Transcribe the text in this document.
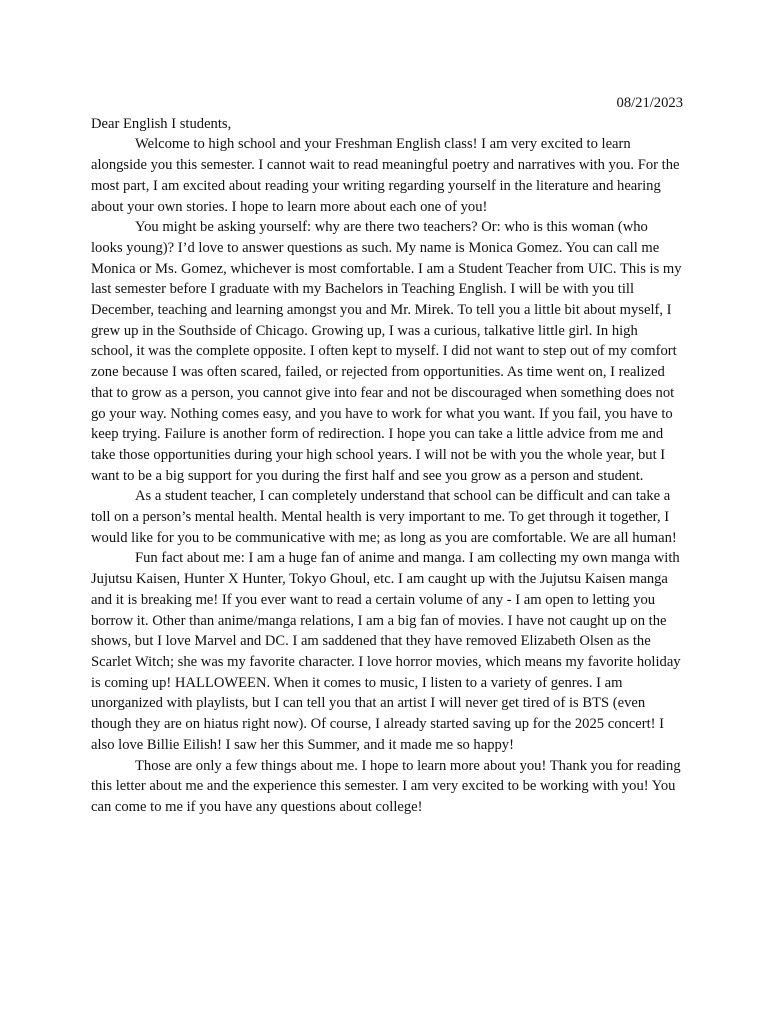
08/21/2023

Dear English I students,

Welcome to high school and your Freshman English class! I am very excited to learn alongside you this semester. I cannot wait to read meaningful poetry and narratives with you. For the most part, I am excited about reading your writing regarding yourself in the literature and hearing about your own stories. I hope to learn more about each one of you!

You might be asking yourself: why are there two teachers? Or: who is this woman (who looks young)? I’d love to answer questions as such. My name is Monica Gomez. You can call me Monica or Ms. Gomez, whichever is most comfortable. I am a Student Teacher from UIC. This is my last semester before I graduate with my Bachelors in Teaching English. I will be with you till December, teaching and learning amongst you and Mr. Mirek. To tell you a little bit about myself, I grew up in the Southside of Chicago. Growing up, I was a curious, talkative little girl. In high school, it was the complete opposite. I often kept to myself. I did not want to step out of my comfort zone because I was often scared, failed, or rejected from opportunities. As time went on, I realized that to grow as a person, you cannot give into fear and not be discouraged when something does not go your way. Nothing comes easy, and you have to work for what you want. If you fail, you have to keep trying. Failure is another form of redirection. I hope you can take a little advice from me and take those opportunities during your high school years. I will not be with you the whole year, but I want to be a big support for you during the first half and see you grow as a person and student.

As a student teacher, I can completely understand that school can be difficult and can take a toll on a person’s mental health. Mental health is very important to me. To get through it together, I would like for you to be communicative with me; as long as you are comfortable. We are all human!

Fun fact about me: I am a huge fan of anime and manga. I am collecting my own manga with Jujutsu Kaisen, Hunter X Hunter, Tokyo Ghoul, etc. I am caught up with the Jujutsu Kaisen manga and it is breaking me! If you ever want to read a certain volume of any - I am open to letting you borrow it. Other than anime/manga relations, I am a big fan of movies. I have not caught up on the shows, but I love Marvel and DC. I am saddened that they have removed Elizabeth Olsen as the Scarlet Witch; she was my favorite character. I love horror movies, which means my favorite holiday is coming up! HALLOWEEN. When it comes to music, I listen to a variety of genres. I am unorganized with playlists, but I can tell you that an artist I will never get tired of is BTS (even though they are on hiatus right now). Of course, I already started saving up for the 2025 concert! I also love Billie Eilish! I saw her this Summer, and it made me so happy!

Those are only a few things about me. I hope to learn more about you! Thank you for reading this letter about me and the experience this semester. I am very excited to be working with you! You can come to me if you have any questions about college!
